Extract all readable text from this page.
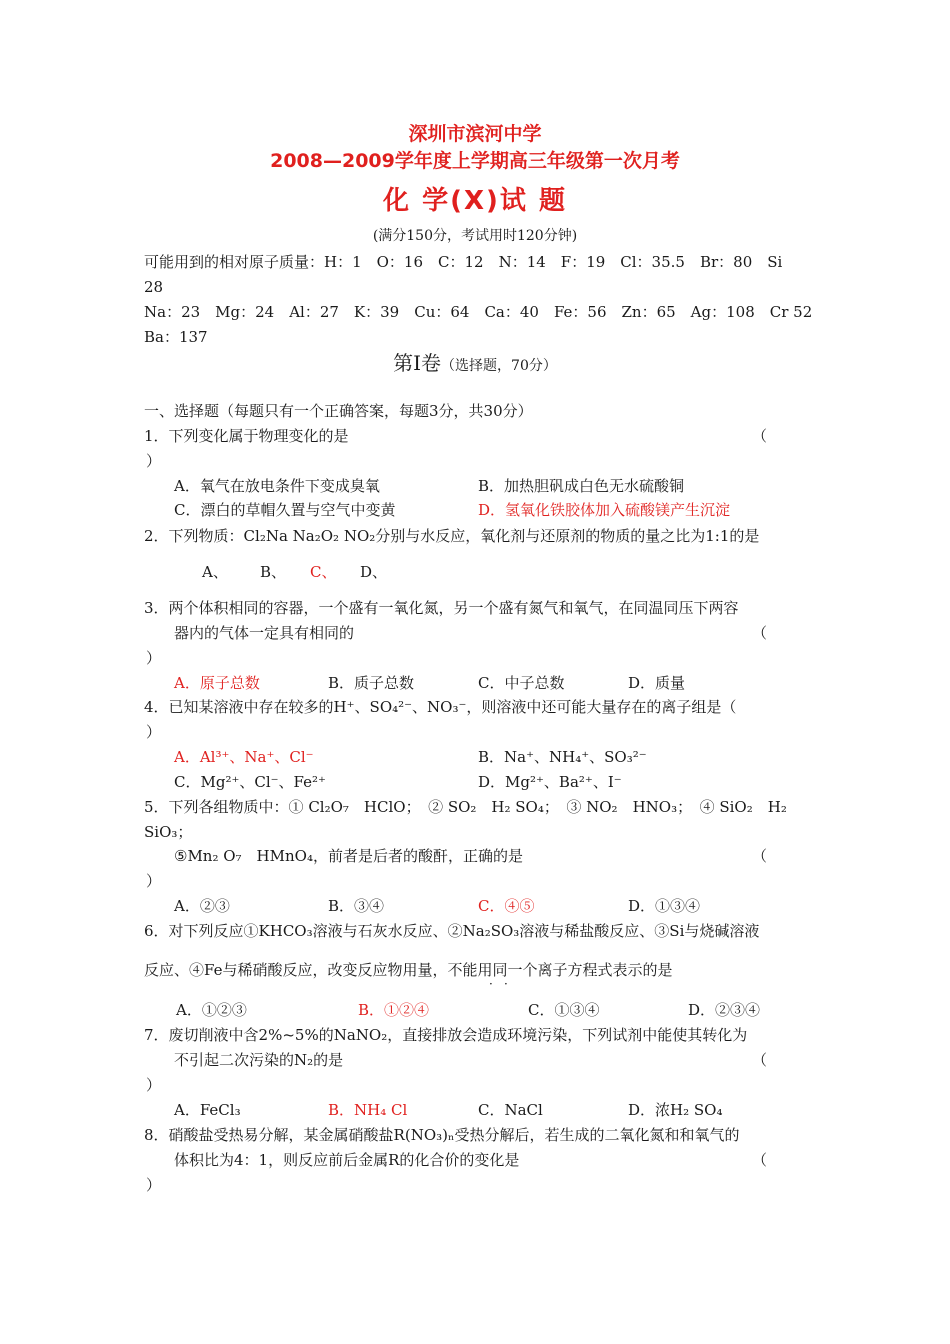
深圳市滨河中学
2008—2009学年度上学期高三年级第一次月考
化 学(X)试 题
(满分150分，考试用时120分钟)
可能用到的相对原子质量：H：1　O：16　C：12　N：14　F：19　Cl：35.5　Br：80　Si
28
Na：23　Mg：24　Al：27　K：39　Cu：64　Ca：40　Fe：56　Zn：65　Ag：108　Cr 52
Ba：137
第Ⅰ卷（选择题，70分）
一、选择题（每题只有一个正确答案，每题3分，共30分）
1．下列变化属于物理变化的是	（
）
A．氧气在放电条件下变成臭氧	B．加热胆矾成白色无水硫酸铜
C．漂白的草帽久置与空气中变黄	D．氢氧化铁胶体加入硫酸镁产生沉淀
2．下列物质：Cl₂Na Na₂O₂ NO₂分别与水反应，氧化剂与还原剂的物质的量之比为1:1的是
A、 B、 C、 D、
3．两个体积相同的容器，一个盛有一氧化氮，另一个盛有氮气和氧气，在同温同压下两容
器内的气体一定具有相同的	（
）
A．原子总数	B．质子总数	C．中子总数	D．质量
4．已知某溶液中存在较多的H⁺、SO₄²⁻、NO₃⁻，则溶液中还可能大量存在的离子组是（
）
A．Al³⁺、Na⁺、Cl⁻	B．Na⁺、NH₄⁺、SO₃²⁻
C．Mg²⁺、Cl⁻、Fe²⁺	D．Mg²⁺、Ba²⁺、I⁻
5．下列各组物质中：① Cl₂O₇　HClO；　② SO₂　H₂ SO₄；　③ NO₂　HNO₃；　④ SiO₂　H₂
SiO₃；
⑤Mn₂ O₇　HMnO₄，前者是后者的酸酐，正确的是	（
）
A．②③	B．③④	C．④⑤	D．①③④
6．对下列反应①KHCO₃溶液与石灰水反应、②Na₂SO₃溶液与稀盐酸反应、③Si与烧碱溶液
反应、④Fe与稀硝酸反应，改变反应物用量，不能用同一个离子方程式表示的是
· ·
A．①②③	B．①②④	C．①③④	D．②③④
7．废切削液中含2%~5%的NaNO₂，直接排放会造成环境污染，下列试剂中能使其转化为
不引起二次污染的N₂的是	（
）
A．FeCl₃	B．NH₄ Cl	C．NaCl	D．浓H₂ SO₄
8．硝酸盐受热易分解，某金属硝酸盐R(NO₃)ₙ受热分解后，若生成的二氧化氮和和氧气的
体积比为4：1，则反应前后金属R的化合价的变化是	（
）
